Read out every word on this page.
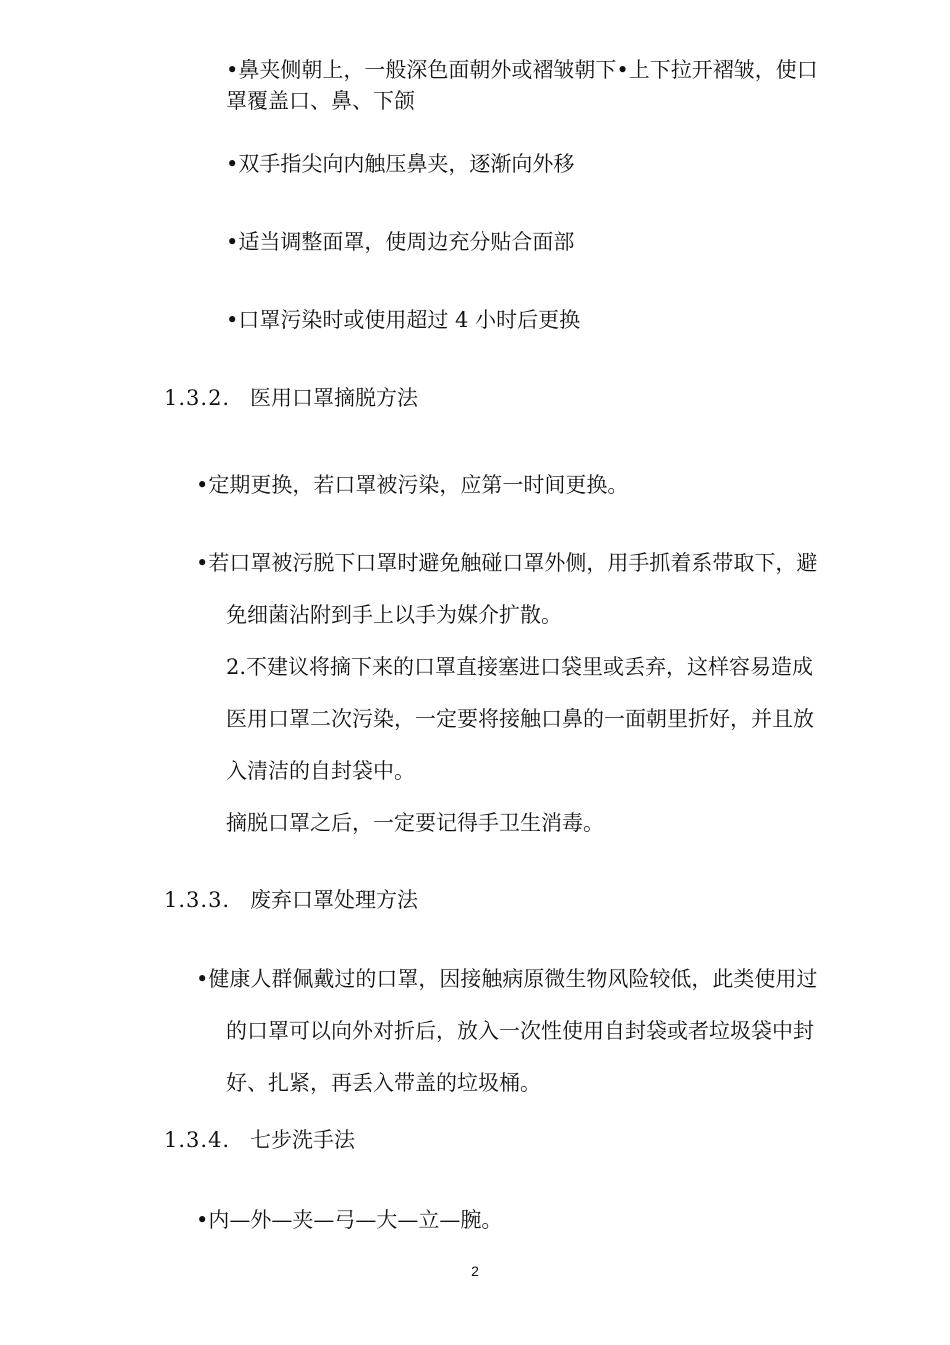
•鼻夹侧朝上，一般深色面朝外或褶皱朝下•上下拉开褶皱，使口
罩覆盖口、鼻、下颌
•双手指尖向内触压鼻夹，逐渐向外移
•适当调整面罩，使周边充分贴合面部
•口罩污染时或使用超过 4 小时后更换
1.3.2. 医用口罩摘脱方法
•定期更换，若口罩被污染，应第一时间更换。
•若口罩被污脱下口罩时避免触碰口罩外侧，用手抓着系带取下，避
免细菌沾附到手上以手为媒介扩散。
2.不建议将摘下来的口罩直接塞进口袋里或丢弃，这样容易造成
医用口罩二次污染，一定要将接触口鼻的一面朝里折好，并且放
入清洁的自封袋中。
摘脱口罩之后，一定要记得手卫生消毒。
1.3.3. 废弃口罩处理方法
•健康人群佩戴过的口罩，因接触病原微生物风险较低，此类使用过
的口罩可以向外对折后，放入一次性使用自封袋或者垃圾袋中封
好、扎紧，再丢入带盖的垃圾桶。
1.3.4. 七步洗手法
•内—外—夹—弓—大—立—腕。
2
